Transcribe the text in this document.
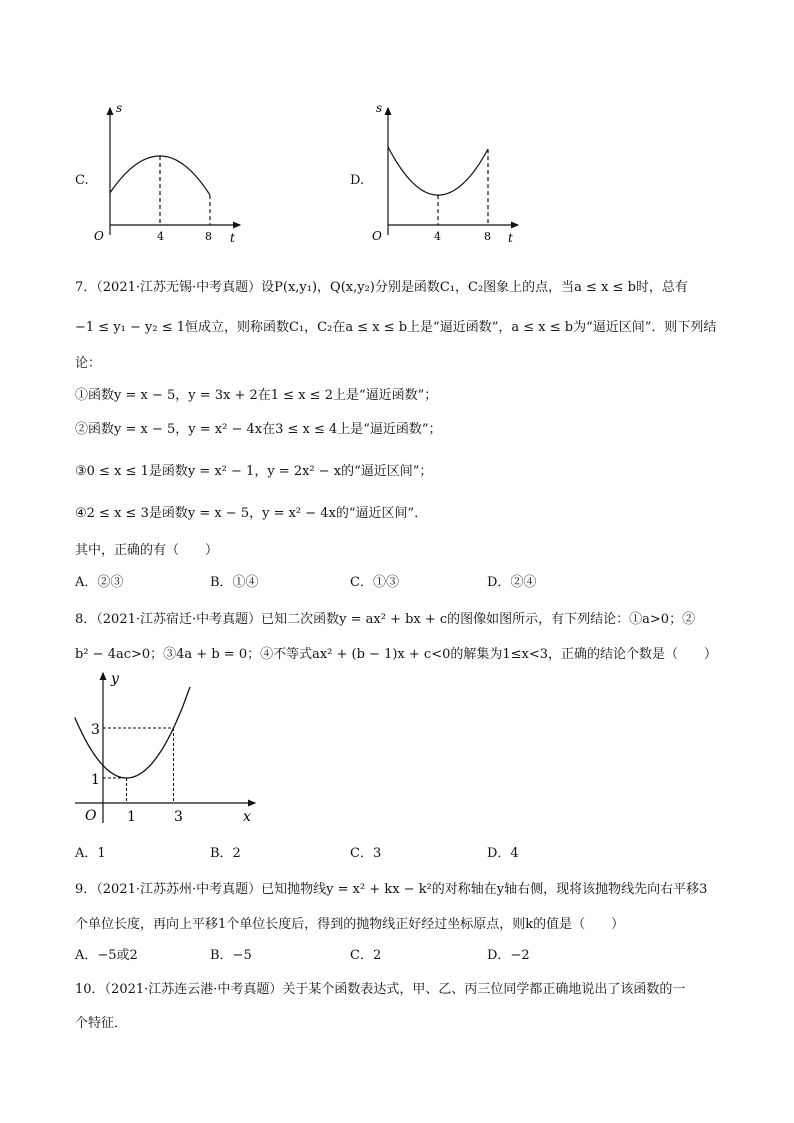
C.
s
t
O	4	8
D.
s
t
O	4	8
7．（2021·江苏无锡·中考真题）设P(x,y₁)，Q(x,y₂)分别是函数C₁，C₂图象上的点，当a ≤ x ≤ b时，总有
−1 ≤ y₁ − y₂ ≤ 1恒成立，则称函数C₁，C₂在a ≤ x ≤ b上是“逼近函数”，a ≤ x ≤ b为“逼近区间”．则下列结
论：
①函数y = x − 5，y = 3x + 2在1 ≤ x ≤ 2上是“逼近函数”；
②函数y = x − 5，y = x² − 4x在3 ≤ x ≤ 4上是“逼近函数”；
③0 ≤ x ≤ 1是函数y = x² − 1，y = 2x² − x的“逼近区间”；
④2 ≤ x ≤ 3是函数y = x − 5，y = x² − 4x的“逼近区间”．
其中，正确的有（　　）
A．②③	B．①④	C．①③	D．②④
8．（2021·江苏宿迁·中考真题）已知二次函数y = ax² + bx + c的图像如图所示，有下列结论：①a>0；②
b² − 4ac>0；③4a + b = 0；④不等式ax² + (b − 1)x + c<0的解集为1≤x<3，正确的结论个数是（　　）
y
x
O 1	3
1
3
A．1	B．2	C．3	D．4
9．（2021·江苏苏州·中考真题）已知抛物线y = x² + kx − k²的对称轴在y轴右侧，现将该抛物线先向右平移3
个单位长度，再向上平移1个单位长度后，得到的抛物线正好经过坐标原点，则k的值是（　　）
A．−5或2	B．−5	C．2	D．−2
10．（2021·江苏连云港·中考真题）关于某个函数表达式，甲、乙、丙三位同学都正确地说出了该函数的一
个特征．
